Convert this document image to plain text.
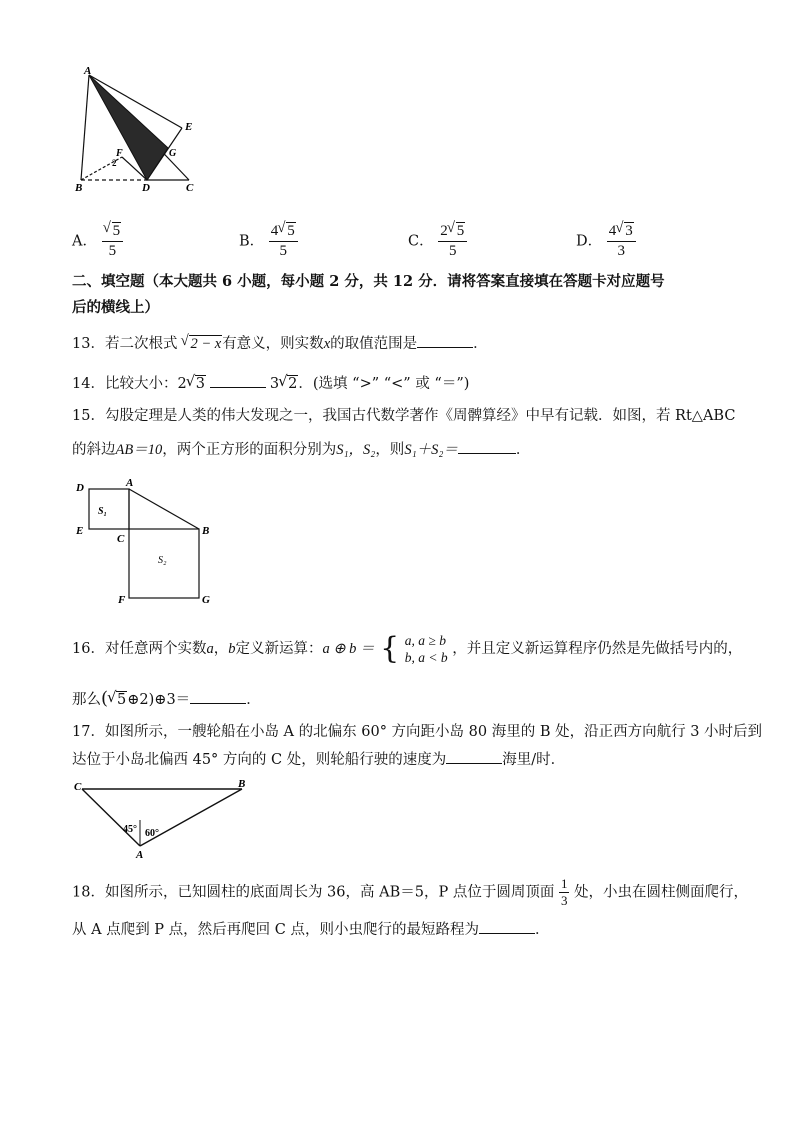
A
E
F	G
B	D	C
2
A． √ $\frac{5}{5}$	B． $\frac{4 √ 5}{5}$	C． $\frac{2 √ 5}{5}$	D． $\frac{4 √ 3}{3}$
二、填空题（本大题共 6 小题，每小题 2 分，共 12 分．请将答案直接填在答题卡对应题号
后的横线上）
13．若二次根式 √ 2 − x有意义，则实数x的取值范围是	．
14．比较大小：2 √ 3	3 √ 2．(选填 “>” “<” 或 “＝”)
15．勾股定理是人类的伟大发现之一，我国古代数学著作《周髀算经》中早有记载．如图，若 Rt△ABC
的斜边AB＝10，两个正方形的面积分别为S₁，S₂，则S₁＋S₂＝	．
D	A
S₁
B
E
C
S₂
F	G
16．对任意两个实数a，b定义新运算：a ⊕ b ＝ { a, a ≥ b
b, a < b
，并且定义新运算程序仍然是先做括号内的，
那么( √ 5⊕2)⊕3＝	．
17．如图所示，一艘轮船在小岛 A 的北偏东 60° 方向距小岛 80 海里的 B 处，沿正西方向航行 3 小时后到
达位于小岛北偏西 45° 方向的 C 处，则轮船行驶的速度为	海里/时．
C	B
A
45° 60°
18．如图所示，已知圆柱的底面周长为 36，高 AB＝5，P 点位于圆周顶面 $\frac{1}{3}$ 处，小虫在圆柱侧面爬行，
从 A 点爬到 P 点，然后再爬回 C 点，则小虫爬行的最短路程为	．
